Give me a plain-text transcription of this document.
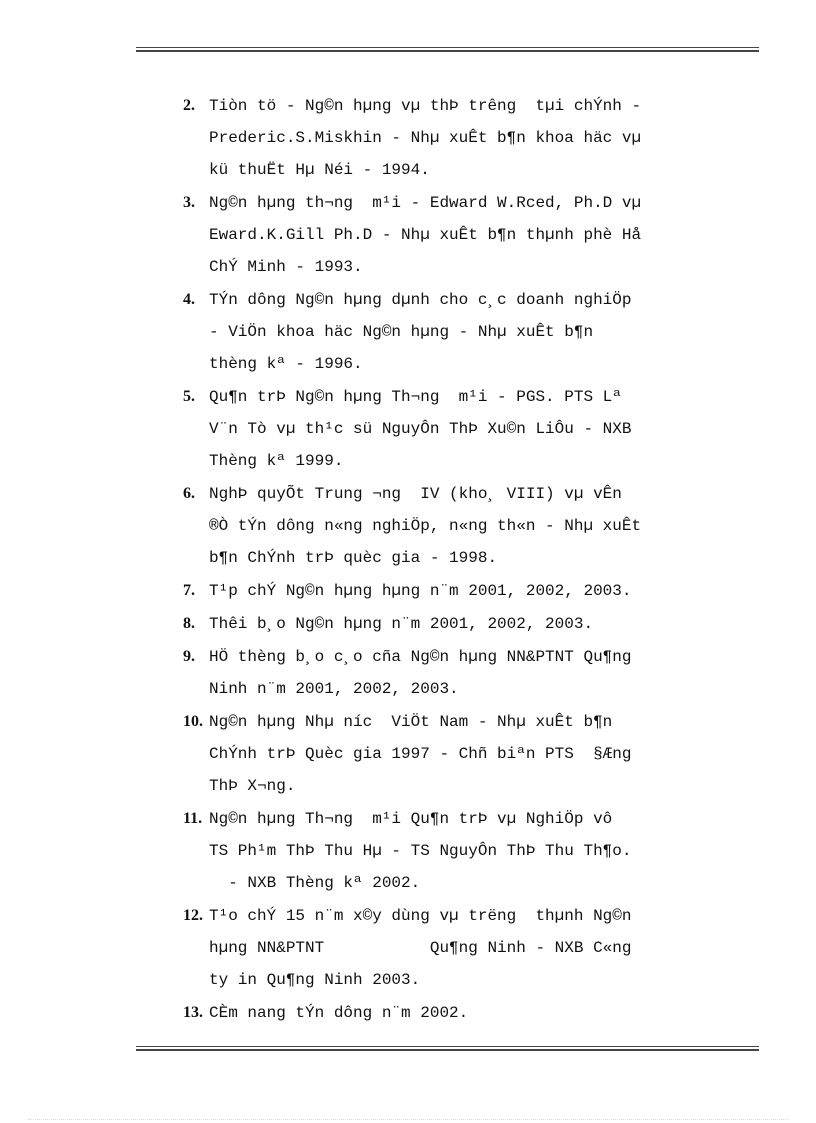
2. Tiòn tö - Ng©n hµng vµ thÞ trêng  tµi chÝnh -
Prederic.S.Miskhin - Nhµ xuÊt b¶n khoa häc vµ
kü thuËt Hµ Néi - 1994.
3. Ng©n hµng th¬ng  m¹i - Edward W.Rced, Ph.D vµ
Eward.K.Gill Ph.D - Nhµ xuÊt b¶n thµnh phè Hå
ChÝ Minh - 1993.
4. TÝn dông Ng©n hµng dµnh cho c¸c doanh nghiÖp
- ViÖn khoa häc Ng©n hµng - Nhµ xuÊt b¶n
thèng kª - 1996.
5. Qu¶n trÞ Ng©n hµng Th¬ng  m¹i - PGS. PTS Lª
V¨n Tò vµ th¹c sü NguyÔn ThÞ Xu©n LiÔu - NXB
Thèng kª 1999.
6. NghÞ quyÕt Trung ¬ng  IV (kho¸ VIII) vµ vÊn
®Ò tÝn dông n«ng nghiÖp, n«ng th«n - Nhµ xuÊt
b¶n ChÝnh trÞ quèc gia - 1998.
7. T¹p chÝ Ng©n hµng hµng n¨m 2001, 2002, 2003.
8. Thêi b¸o Ng©n hµng n¨m 2001, 2002, 2003.
9. HÖ thèng b¸o c¸o cña Ng©n hµng NN&PTNT Qu¶ng
Ninh n¨m 2001, 2002, 2003.
10. Ng©n hµng Nhµ níc  ViÖt Nam - Nhµ xuÊt b¶n
ChÝnh trÞ Quèc gia 1997 - Chñ biªn PTS  §Æng
ThÞ X¬ng.
11. Ng©n hµng Th¬ng  m¹i Qu¶n trÞ vµ NghiÖp vô
TS Ph¹m ThÞ Thu Hµ - TS NguyÔn ThÞ Thu Th¶o.
- NXB Thèng kª 2002.
12. T¹o chÝ 15 n¨m x©y dùng vµ trëng  thµnh Ng©n
hµng NN&PTNT           Qu¶ng Ninh - NXB C«ng
ty in Qu¶ng Ninh 2003.
13. CÈm nang tÝn dông n¨m 2002.
